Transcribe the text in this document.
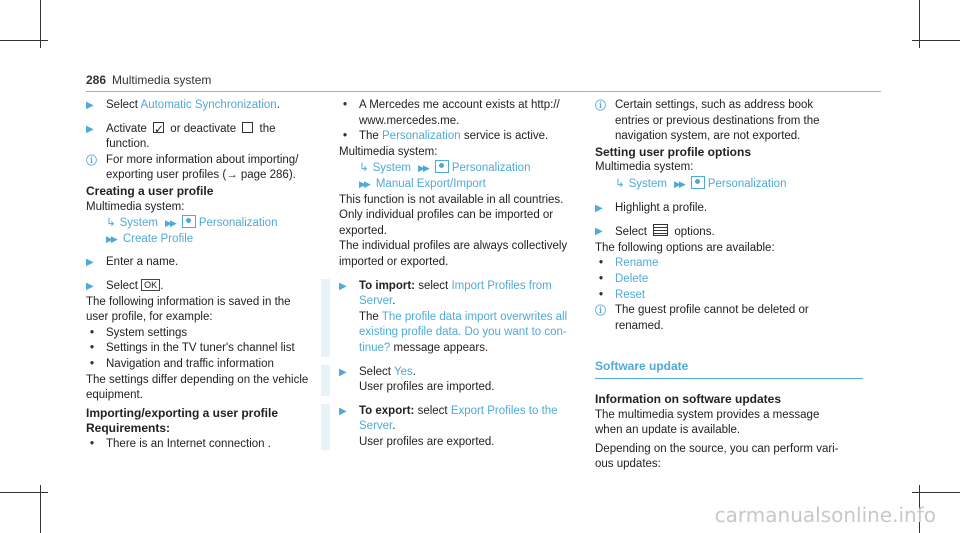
286 Multimedia system

▶ Select Automatic Synchronization.

▶ Activate ✓ or deactivate  the function.

ⓘ For more information about importing/ exporting user profiles (→ page 286).

Creating a user profile

Multimedia system:

↳ System ▶▶ Personalization

▶▶ Create Profile

▶ Enter a name.

▶ Select OK .

The following information is saved in the user profile, for example:

• System settings

• Settings in the TV tuner's channel list

• Navigation and traffic information

The settings differ depending on the vehicle equipment.

Importing/exporting a user profile
Requirements:

• There is an Internet connection .

• A Mercedes me account exists at http:// www.mercedes.me.

• The Personalization service is active.

Multimedia system:

↳ System ▶▶ Personalization

▶▶ Manual Export/Import

This function is not available in all countries.

Only individual profiles can be imported or exported.

The individual profiles are always collectively imported or exported.

▶ To import: select Import Profiles from Server.

The The profile data import overwrites all existing profile data. Do you want to con-tinue? message appears.

▶ Select Yes.

User profiles are imported.

▶ To export: select Export Profiles to the Server.

User profiles are exported.

ⓘ Certain settings, such as address book entries or previous destinations from the navigation system, are not exported.

Setting user profile options

Multimedia system:

↳ System ▶▶ Personalization

▶ Highlight a profile.

▶ Select  options.

The following options are available:

• Rename

• Delete

• Reset

ⓘ The guest profile cannot be deleted or renamed.

Software update
Information on software updates

The multimedia system provides a message when an update is available.

Depending on the source, you can perform vari-ous updates:

carmanualsonline.info
